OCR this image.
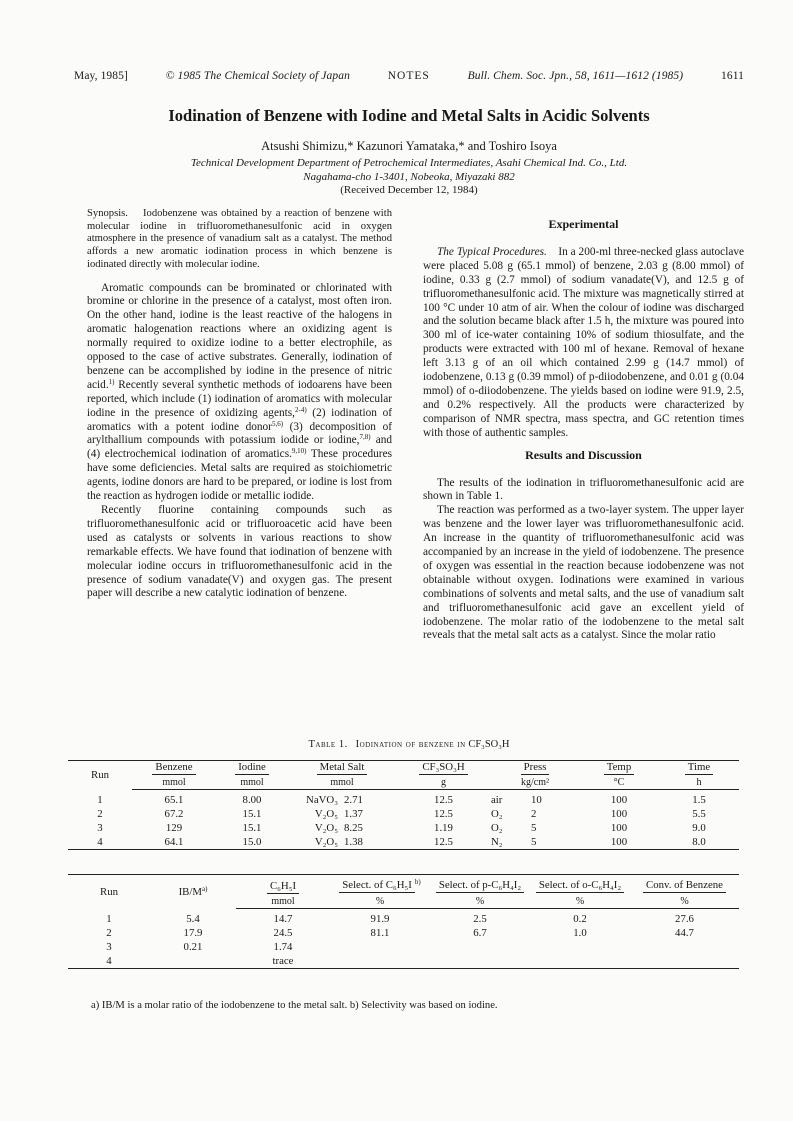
May, 1985]	© 1985 The Chemical Society of Japan	NOTES	Bull. Chem. Soc. Jpn., 58, 1611—1612 (1985)	1611
Iodination of Benzene with Iodine and Metal Salts in Acidic Solvents
Atsushi Shimizu,* Kazunori Yamataka,* and Toshiro Isoya
Technical Development Department of Petrochemical Intermediates, Asahi Chemical Ind. Co., Ltd.
Nagahama-cho 1-3401, Nobeoka, Miyazaki 882
(Received December 12, 1984)

Synopsis. Iodobenzene was obtained by a reaction of benzene with molecular iodine in trifluoromethanesulfonic acid in oxygen atmosphere in the presence of vanadium salt as a catalyst. The method affords a new aromatic iodination process in which benzene is iodinated directly with molecular iodine.

Aromatic compounds can be brominated or chlorinated with bromine or chlorine in the presence of a catalyst, most often iron. On the other hand, iodine is the least reactive of the halogens in aromatic halogenation reactions where an oxidizing agent is normally required to oxidize iodine to a better electrophile, as opposed to the case of active substrates. Generally, iodination of benzene can be accomplished by iodine in the presence of nitric acid.$^{1)}$ Recently several synthetic methods of iodoarens have been reported, which include (1) iodination of aromatics with molecular iodine in the presence of oxidizing agents,$^{2-4)}$ (2) iodination of aromatics with a potent iodine donor$^{5,6)}$ (3) decomposition of arylthallium compounds with potassium iodide or iodine,$^{7,8)}$ and (4) electrochemical iodination of aromatics.$^{9,10)}$ These procedures have some deficiencies. Metal salts are required as stoichiometric agents, iodine donors are hard to be prepared, or iodine is lost from the reaction as hydrogen iodide or metallic iodide.

Recently fluorine containing compounds such as trifluoromethanesulfonic acid or trifluoroacetic acid have been used as catalysts or solvents in various reactions to show remarkable effects. We have found that iodination of benzene with molecular iodine occurs in trifluoromethanesulfonic acid in the presence of sodium vanadate(V) and oxygen gas. The present paper will describe a new catalytic iodination of benzene.

Experimental

The Typical Procedures. In a 200-ml three-necked glass autoclave were placed 5.08 g (65.1 mmol) of benzene, 2.03 g (8.00 mmol) of iodine, 0.33 g (2.7 mmol) of sodium vanadate(V), and 12.5 g of trifluoromethanesulfonic acid. The mixture was magnetically stirred at 100 °C under 10 atm of air. When the colour of iodine was discharged and the solution became black after 1.5 h, the mixture was poured into 300 ml of ice-water containing 10% of sodium thiosulfate, and the products were extracted with 100 ml of hexane. Removal of hexane left 3.13 g of an oil which contained 2.99 g (14.7 mmol) of iodobenzene, 0.13 g (0.39 mmol) of p-diiodobenzene, and 0.01 g (0.04 mmol) of o-diiodobenzene. The yields based on iodine were 91.9, 2.5, and 0.2% respectively. All the products were characterized by comparison of NMR spectra, mass spectra, and GC retention times with those of authentic samples.

Results and Discussion

The results of the iodination in trifluoromethanesulfonic acid are shown in Table 1.

The reaction was performed as a two-layer system. The upper layer was benzene and the lower layer was trifluoromethanesulfonic acid. An increase in the quantity of trifluoromethanesulfonic acid was accompanied by an increase in the yield of iodobenzene. The presence of oxygen was essential in the reaction because iodobenzene was not obtainable without oxygen. Iodinations were examined in various combinations of solvents and metal salts, and the use of vanadium salt and trifluoromethanesulfonic acid gave an excellent yield of iodobenzene. The molar ratio of the iodobenzene to the metal salt reveals that the metal salt acts as a catalyst. Since the molar ratio

Table 1. Iodination of benzene in CF₃SO₃H
Run	Benzene	Iodine	Metal Salt		CF₃SO₃H	Press		Temp	Time
	mmol	mmol	mmol		g	kg/cm²		°C	h

1	65.1	8.00	NaVO₃	2.71	12.5	air	10	100	1.5
2	67.2	15.1	V₂O₅	1.37	12.5	O₂	2	100	5.5
3	129	15.1	V₂O₅	8.25	1.19	O₂	5	100	9.0
4	64.1	15.0	V₂O₅	1.38	12.5	N₂	5	100	8.0
Run	$IB/M^{a)}$	C₆H₅I	Select. of C₆H₅I $^{b)}$	Select. of p-C₆H₄I₂	Select. of o-C₆H₄I₂	Conv. of Benzene
		mmol	%	%	%	%

1	5.4	14.7	91.9	2.5	0.2	27.6
2	17.9	24.5	81.1	6.7	1.0	44.7
3	0.21	1.74				
4		trace				
a) IB/M is a molar ratio of the iodobenzene to the metal salt. b) Selectivity was based on iodine.
